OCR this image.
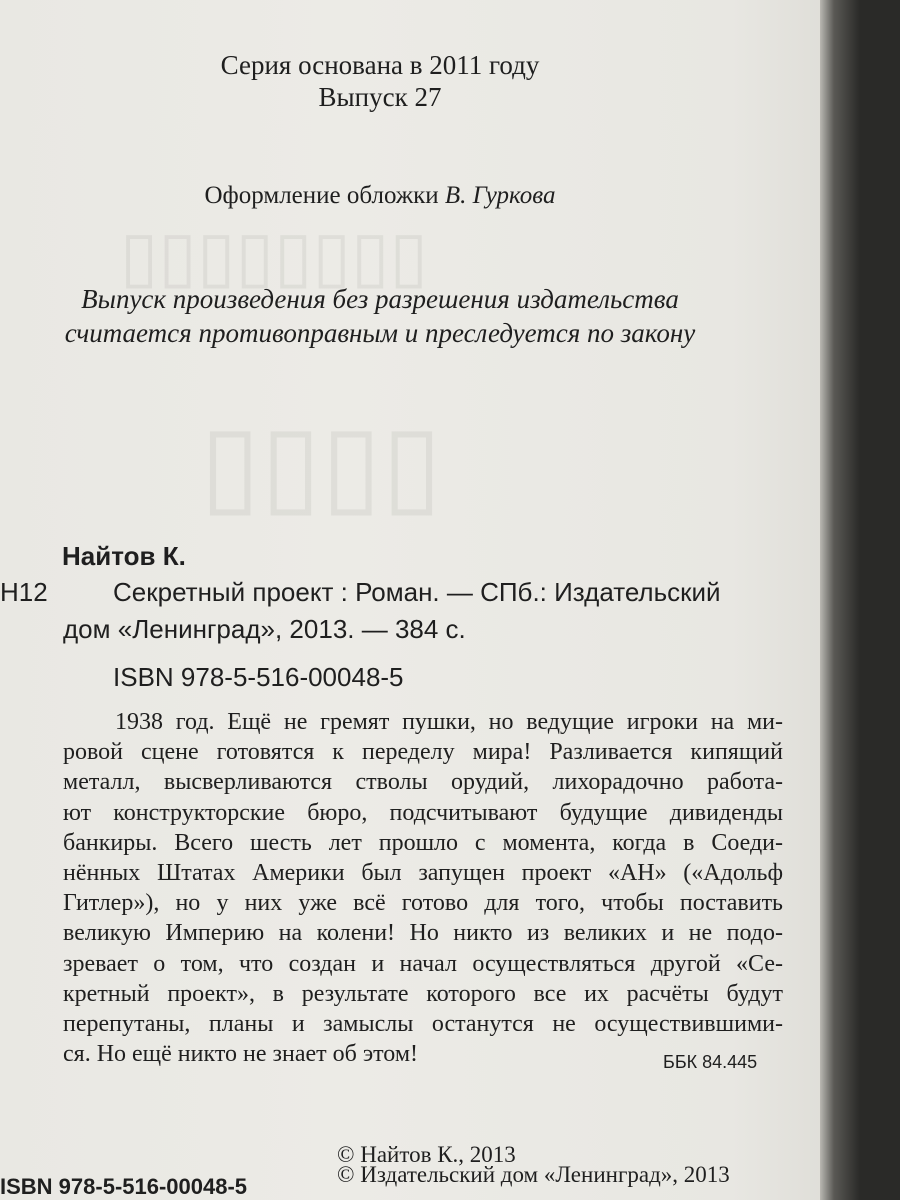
▯▯▯▯▯▯▯▯
▯▯▯▯
Серия основана в 2011 году
Выпуск 27
Оформление обложки В. Гуркова
Выпуск произведения без разрешения издательства
считается противоправным и преследуется по закону
Найтов К.
Н12	Секретный проект : Роман. — СПб.: Издательский
дом «Ленинград», 2013. — 384 с.
ISBN 978-5-516-00048-5
1938 год. Ещё не гремят пушки, но ведущие игроки на ми-
ровой сцене готовятся к переделу мира! Разливается кипящий
металл, высверливаются стволы орудий, лихорадочно работа-
ют конструкторские бюро, подсчитывают будущие дивиденды
банкиры. Всего шесть лет прошло с момента, когда в Соеди-
нённых Штатах Америки был запущен проект «АН» («Адольф
Гитлер»), но у них уже всё готово для того, чтобы поставить
великую Империю на колени! Но никто из великих и не подо-
зревает о том, что создан и начал осуществляться другой «Се-
кретный проект», в результате которого все их расчёты будут
перепутаны, планы и замыслы останутся не осуществившими-
ся. Но ещё никто не знает об этом!	ББК 84.445
© Найтов К., 2013
© Издательский дом «Ленинград», 2013
ISBN 978-5-516-00048-5
